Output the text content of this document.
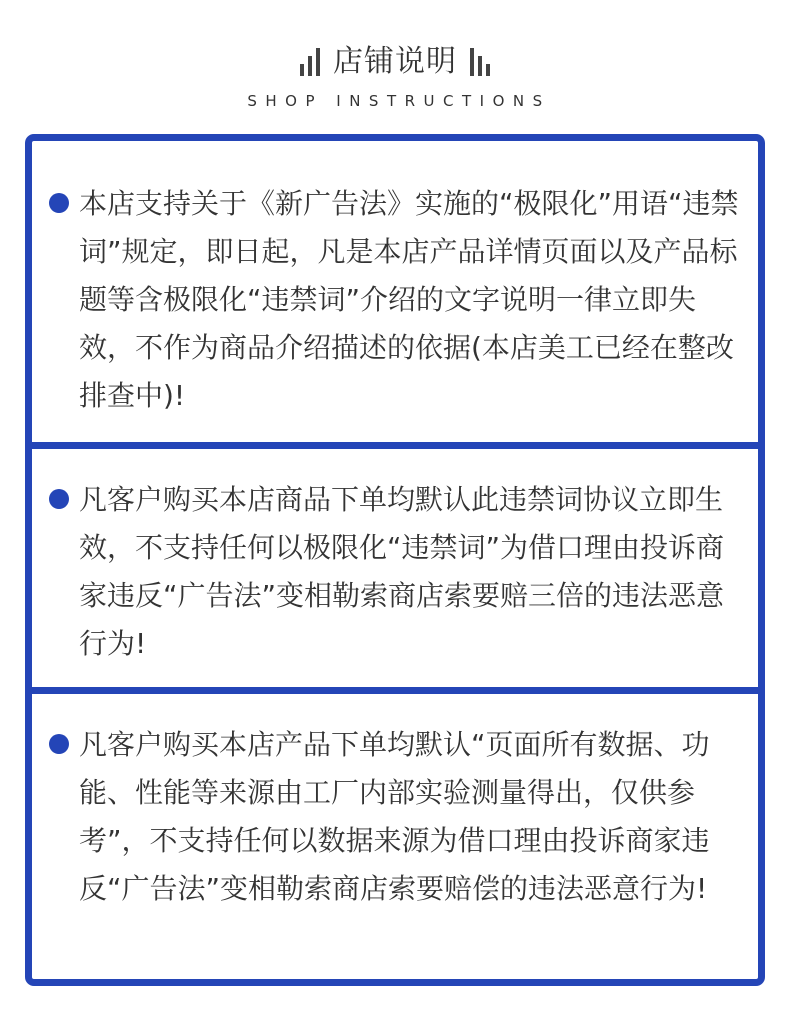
店铺说明
SHOP INSTRUCTIONS

本店支持关于《新广告法》实施的“极限化”用语“违禁词”规定，即日起，凡是本店产品详情页面以及产品标题等含极限化“违禁词”介绍的文字说明一律立即失效，不作为商品介绍描述的依据(本店美工已经在整改排查中)!

凡客户购买本店商品下单均默认此违禁词协议立即生效，不支持任何以极限化“违禁词”为借口理由投诉商家违反“广告法”变相勒索商店索要赔三倍的违法恶意行为!

凡客户购买本店产品下单均默认“页面所有数据、功能、性能等来源由工厂内部实验测量得出，仅供参考”，不支持任何以数据来源为借口理由投诉商家违反“广告法”变相勒索商店索要赔偿的违法恶意行为!
